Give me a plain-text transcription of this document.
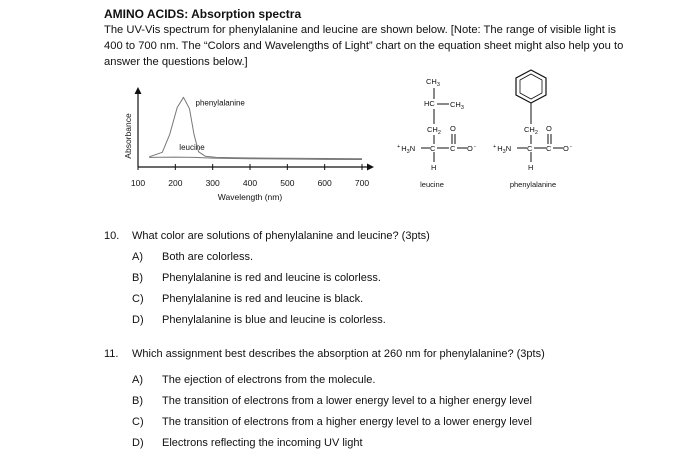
AMINO ACIDS: Absorption spectra
The UV-Vis spectrum for phenylalanine and leucine are shown below. [Note: The range of visible light is 400 to 700 nm. The “Colors and Wavelengths of Light” chart on the equation sheet might also help you to answer the questions below.]
Absorbance
Wavelength (nm)
100	200	300	400	500	600	700
phenylalanine
leucine
$CH_3$
HC $CH_3$
$CH_2$ O
$^+H_3N$ C C O-
H
leucine
$CH_2$ O
$^+H_3N$ C C O-
H
phenylalanine
10. What color are solutions of phenylalanine and leucine? (3pts)
A) Both are colorless.
B) Phenylalanine is red and leucine is colorless.
C) Phenylalanine is red and leucine is black.
D) Phenylalanine is blue and leucine is colorless.
11. Which assignment best describes the absorption at 260 nm for phenylalanine? (3pts)
A) The ejection of electrons from the molecule.
B) The transition of electrons from a lower energy level to a higher energy level
C) The transition of electrons from a higher energy level to a lower energy level
D) Electrons reflecting the incoming UV light
